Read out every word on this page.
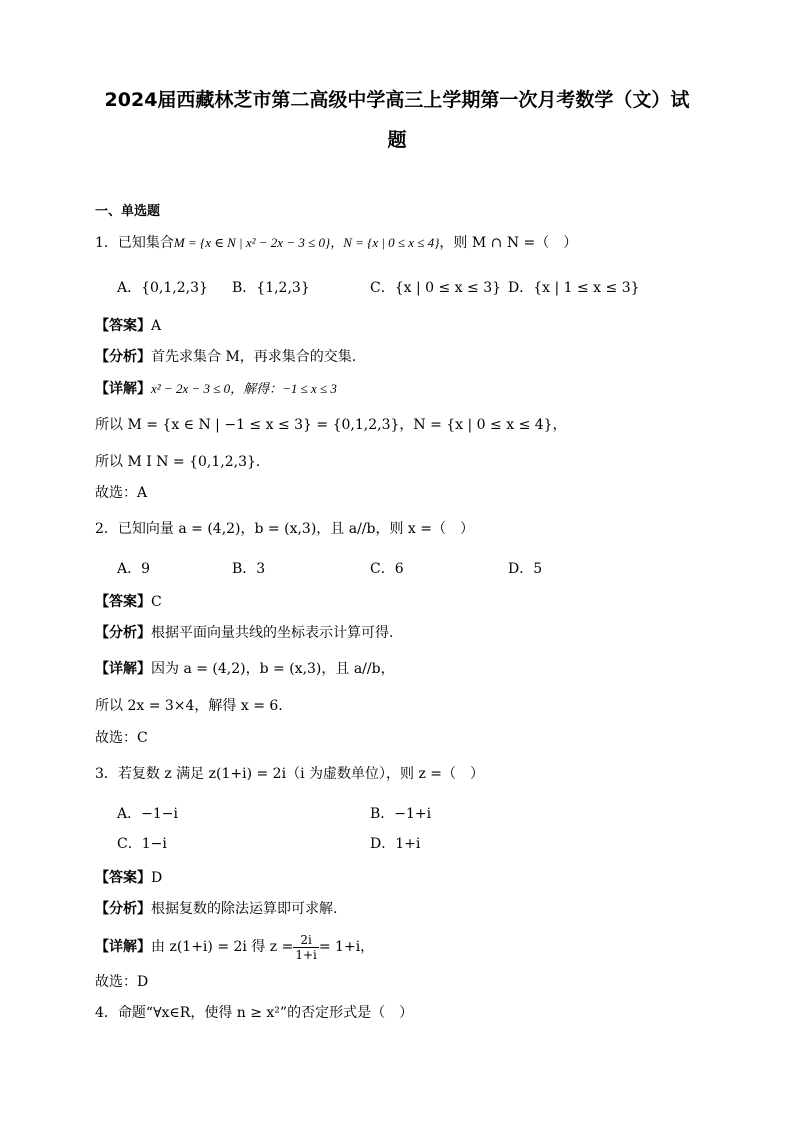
2024届西藏林芝市第二高级中学高三上学期第一次月考数学（文）试
题
一、单选题
1．已知集合M = {x ∈ N | x² − 2x − 3 ≤ 0}，N = {x | 0 ≤ x ≤ 4}，则 M ∩ N =（　）
A．{0,1,2,3} B．{1,2,3}	C．{x | 0 ≤ x ≤ 3} D．{x | 1 ≤ x ≤ 3}
【答案】A
【分析】首先求集合 M，再求集合的交集.
【详解】x² − 2x − 3 ≤ 0，解得：−1 ≤ x ≤ 3
所以 M = {x ∈ N | −1 ≤ x ≤ 3} = {0,1,2,3}，N = {x | 0 ≤ x ≤ 4}，
所以 M I N = {0,1,2,3}.
故选：A
2．已知向量 a = (4,2)，b = (x,3)，且 a//b，则 x =（　）
A．9	B．3	C．6	D．5
【答案】C
【分析】根据平面向量共线的坐标表示计算可得.
【详解】因为 a = (4,2)，b = (x,3)，且 a//b，
所以 2x = 3×4，解得 x = 6.
故选：C
3．若复数 z 满足 z(1+i) = 2i（i 为虚数单位），则 z =（　）
A．−1−i	B．−1+i
C．1−i	D．1+i
【答案】D
【分析】根据复数的除法运算即可求解.
【详解】由 z(1+i) = 2i 得 $z = \frac{2i}{1+i} = 1+i$，
故选：D
4．命题“∀x∈R，使得 n ≥ x²”的否定形式是（　）
